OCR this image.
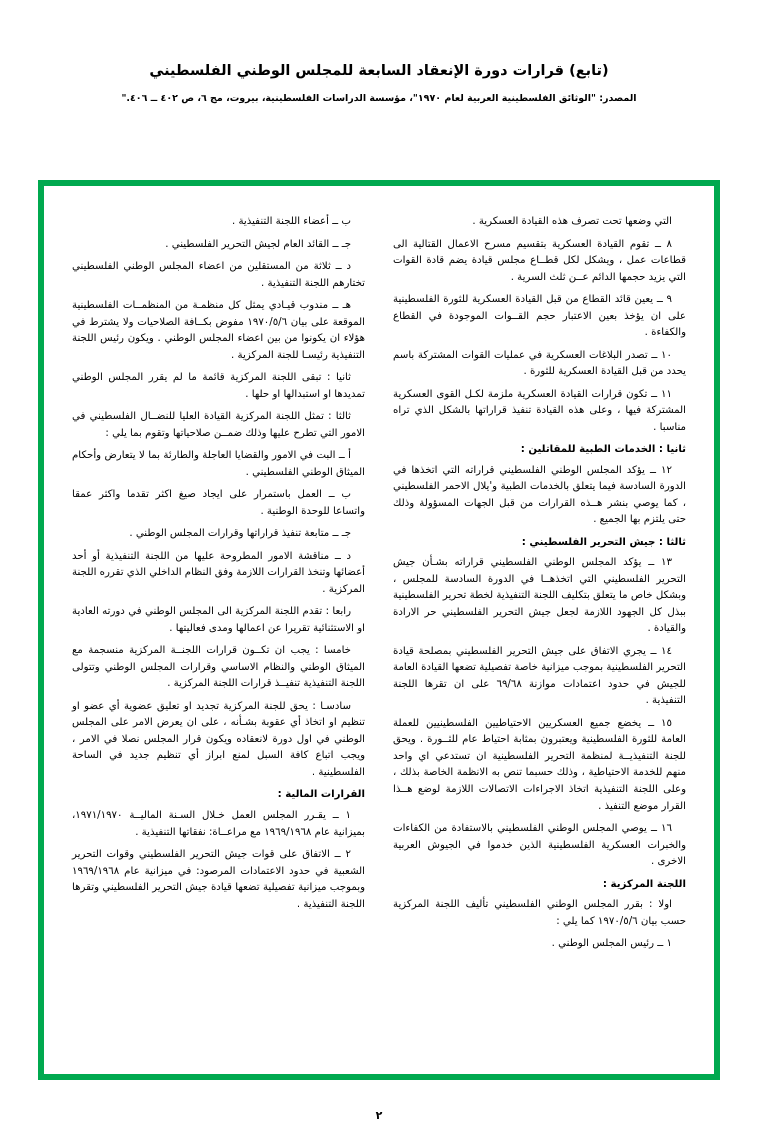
(تابع) قرارات دورة الإنعقاد السابعة للمجلس الوطني الفلسطيني
المصدر: "الوثائق الفلسطينية العربية لعام ١٩٧٠"، مؤسسة الدراسات الفلسطينية، بيروت، مج ٦، ص ٤٠٢ ــ ٤٠٦."

التي وضعها تحت تصرف هذه القيادة العسكرية .

٨ ــ تقوم القيادة العسكرية بتقسيم مسرح الاعمال القتالية الى قطاعات عمل ، ويشكل لكل قطــاع مجلس قيادة يضم قادة القوات التي يزيد حجمها الدائم عــن ثلث السرية .

٩ ــ يعين قائد القطاع من قبل القيادة العسكرية للثورة الفلسطينية على ان يؤخذ بعين الاعتبار حجم القــوات الموجودة في القطاع والكفاءة .

١٠ ــ تصدر البلاغات العسكرية في عمليات القوات المشتركة باسم يحدد من قبل القيادة العسكرية للثورة .

١١ ــ تكون قرارات القيادة العسكرية ملزمة لكـل القوى العسكرية المشتركة فيها ، وعلى هذه القيادة تنفيذ قراراتها بالشكل الذي تراه مناسبا .

ثانيا : الخدمات الطبية للمقاتلين :

١٢ ــ يؤكد المجلس الوطني الفلسطيني قراراته التي اتخذها في الدورة السادسة فيما يتعلق بالخدمات الطبية و'يلال الاحمر الفلسطيني ، كما يوصي بنشر هــذه القرارات من قبل الجهات المسؤولة وذلك حتى يلتزم بها الجميع .

ثالثا : جيش التحرير الفلسطيني :

١٣ ــ يؤكد المجلس الوطني الفلسطيني قراراته بشـأن جيش التحرير الفلسطيني التي اتخذهــا في الدورة السادسة للمجلس ، وبشكل خاص ما يتعلق بتكليف اللجنة التنفيذية لخطة تحرير الفلسطينية ببذل كل الجهود اللازمة لجعل جيش التحرير الفلسطيني حر الارادة والقيادة .

١٤ ــ يجري الاتفاق على جيش التحرير الفلسطيني بمصلحة قيادة التحرير الفلسطينية بموجب ميزانية خاصة تفصيلية تضعها القيادة العامة للجيش في حدود اعتمادات موازنة ٦٩/٦٨ على ان تقرها اللجنة التنفيذية .

١٥ ــ يخضع جميع العسكريين الاحتياطيين الفلسطينيين للعملة العامة للثورة الفلسطينية ويعتبرون بمثابة احتياط عام للثــورة . ويحق للجنة التنفيذيــة لمنظمة التحرير الفلسطينية ان تستدعي اي واحد منهم للخدمة الاحتياطية ، وذلك حسبما تنص به الانظمة الخاصة بذلك ، وعلى اللجنة التنفيذية اتخاذ الاجراءات الاتصالات اللازمة لوضع هــذا القرار موضع التنفيذ .

١٦ ــ يوصي المجلس الوطني الفلسطيني بالاستفادة من الكفاءات والخبرات العسكرية الفلسطينية الذين خدموا في الجيوش العربية الاخرى .

اللجنة المركزية :

اولا : بقرر المجلس الوطني الفلسطيني تأليف اللجنة المركزية حسب بيان ١٩٧٠/٥/٦ كما يلي :

١ ــ رئيس المجلس الوطني .

ب ــ أعضاء اللجنة التنفيذية .

جـ ــ القائد العام لجيش التحرير الفلسطيني .

د ــ ثلاثة من المستقلين من اعضاء المجلس الوطني الفلسطيني تختارهم اللجنة التنفيذية .

هـ ــ مندوب قيـادي يمثل كل منظمـة من المنظمــات الفلسطينية الموقعة على بيان ١٩٧٠/٥/٦ مفوض بكــافة الصلاحيات ولا يشترط في هؤلاء ان يكونوا من بين اعضاء المجلس الوطني . ويكون رئيس اللجنة التنفيذية رئيسـا للجنة المركزية .

ثانيا : تبقى اللجنة المركزية قائمة ما لم يقرر المجلس الوطني تمديدها او استبدالها او حلها .

ثالثا : تمثل اللجنة المركزية القيادة العليا للنضــال الفلسطيني في الامور التي تطرح عليها وذلك ضمــن صلاحياتها وتقوم بما يلي :

أ ــ البت في الامور والقضايا العاجلة والطارئة بما لا يتعارض وأحكام الميثاق الوطني الفلسطيني .

ب ــ العمل باستمرار على ايجاد صيغ اكثر تقدما واكثر عمقا واتساعا للوحدة الوطنية .

جـ ــ متابعة تنفيذ قراراتها وقرارات المجلس الوطني .

د ــ مناقشة الامور المطروحة عليها من اللجنة التنفيذية أو أحد أعضائها وتنخذ القرارات اللازمة وفق النظام الداخلي الذي تقرره اللجنة المركزية .

رابعا : تقدم اللجنة المركزية الى المجلس الوطني في دورته العادية او الاستثنائية تقريرا عن اعمالها ومدى فعاليتها .

خامسا : يجب ان تكــون قرارات اللجنــة المركزية منسجمة مع الميثاق الوطني والنظام الاساسي وقرارات المجلس الوطني وتتولى اللجنة التنفيذية تنفيــذ قرارات اللجنة المركزية .

سادسـا : يحق للجنة المركزية تجديد او تعليق عضوية أي عضو او تنظيم او اتخاذ أي عقوبة بشـأنه ، على ان يعرض الامر على المجلس الوطني في اول دورة لانعقاده ويكون قرار المجلس نصلا في الامر ، ويجب اتباع كافة السبل لمنع ابراز أي تنظيم جديد في الساحة الفلسطينية .

القرارات المالية :

١ ــ يقـرر المجلس العمل خـلال السـنة الماليــة ١٩٧١/١٩٧٠، بميزانية عام ١٩٦٩/١٩٦٨ مع مراعــاة: نفقاتها التنفيذية .

٢ ــ الاتفاق على قوات جيش التحرير الفلسطيني وقوات التحرير الشعبية في حدود الاعتمادات المرصود: في ميزانية عام ١٩٦٩/١٩٦٨ وبموجب ميزانية تفصيلية تضعها قيادة جيش التحرير الفلسطيني وتقرها اللجنة التنفيذية .

٢
